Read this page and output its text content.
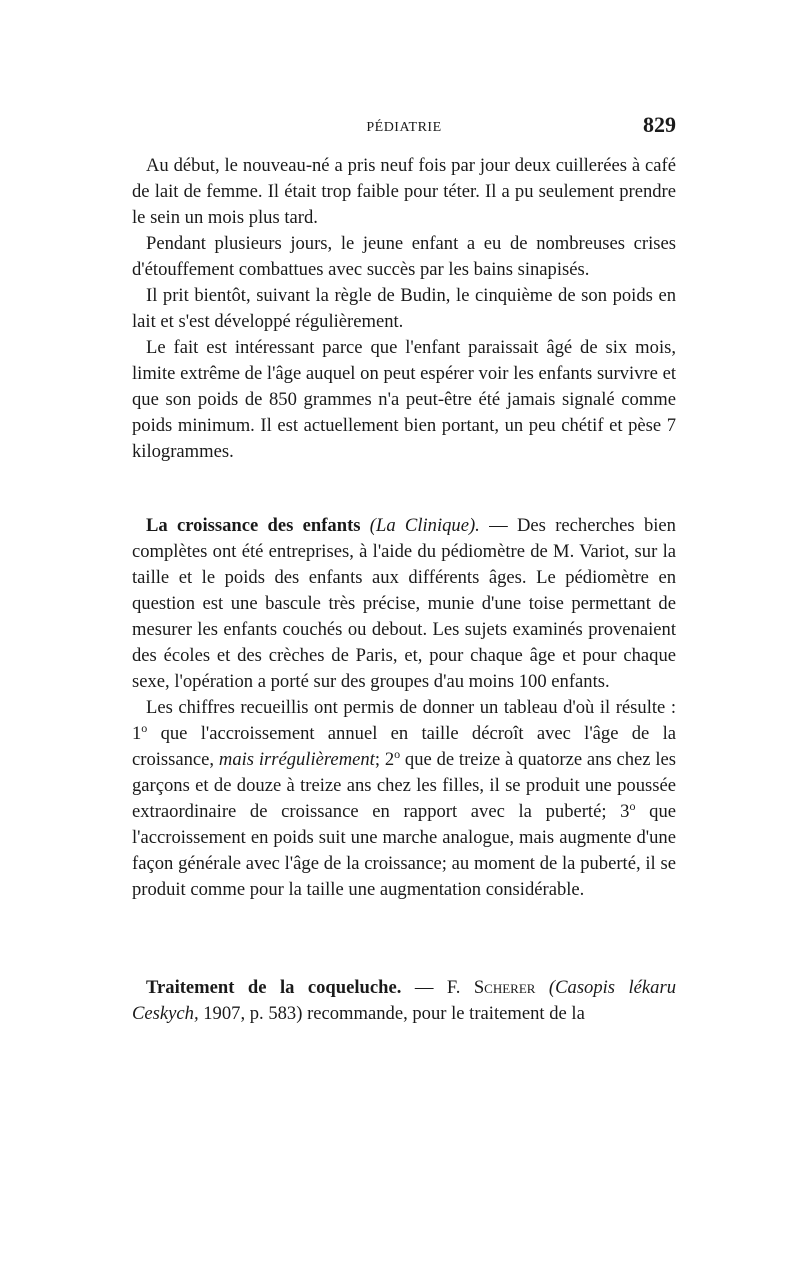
PÉDIATRIE	829

Au début, le nouveau-né a pris neuf fois par jour deux cuillerées à café de lait de femme. Il était trop faible pour téter. Il a pu seulement prendre le sein un mois plus tard.

Pendant plusieurs jours, le jeune enfant a eu de nombreuses crises d'étouffement combattues avec succès par les bains sinapisés.

Il prit bientôt, suivant la règle de Budin, le cinquième de son poids en lait et s'est développé régulièrement.

Le fait est intéressant parce que l'enfant paraissait âgé de six mois, limite extrême de l'âge auquel on peut espérer voir les enfants survivre et que son poids de 850 grammes n'a peut-être été jamais signalé comme poids minimum. Il est actuellement bien portant, un peu chétif et pèse 7 kilogrammes.

La croissance des enfants (La Clinique). — Des recherches bien complètes ont été entreprises, à l'aide du pédiomètre de M. Variot, sur la taille et le poids des enfants aux différents âges. Le pédiomètre en question est une bascule très précise, munie d'une toise permettant de mesurer les enfants couchés ou debout. Les sujets examinés provenaient des écoles et des crèches de Paris, et, pour chaque âge et pour chaque sexe, l'opération a porté sur des groupes d'au moins 100 enfants.

Les chiffres recueillis ont permis de donner un tableau d'où il résulte : 1$^o$ que l'accroissement annuel en taille décroît avec l'âge de la croissance, mais irrégulièrement; 2$^o$ que de treize à quatorze ans chez les garçons et de douze à treize ans chez les filles, il se produit une poussée extraordinaire de croissance en rapport avec la puberté; 3$^o$ que l'accroissement en poids suit une marche analogue, mais augmente d'une façon générale avec l'âge de la croissance; au moment de la puberté, il se produit comme pour la taille une augmentation considérable.

Traitement de la coqueluche. — F. Scherer (Casopis lékaru Ceskych, 1907, p. 583) recommande, pour le traitement de la
